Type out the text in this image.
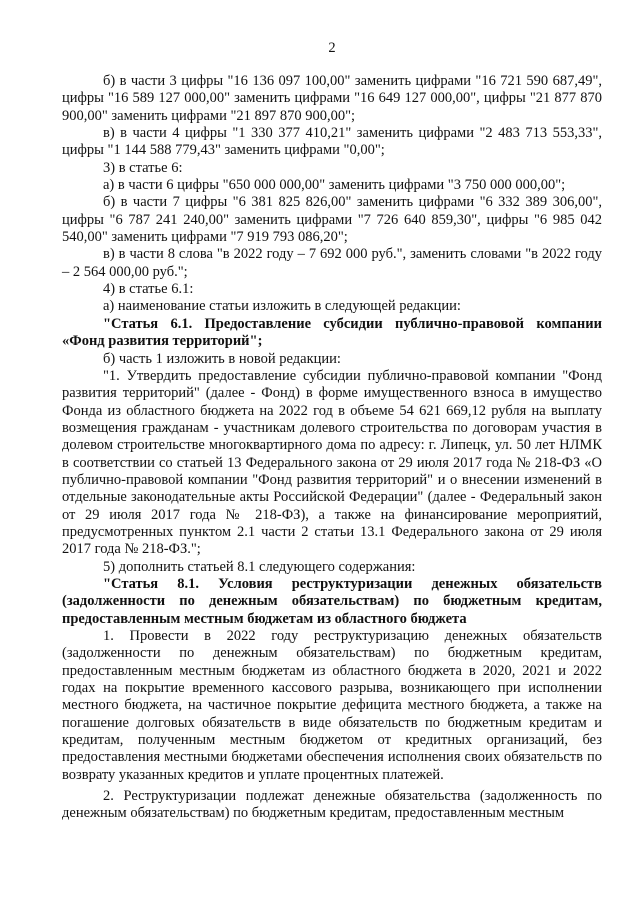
2

б) в части 3 цифры "16 136 097 100,00" заменить цифрами "16 721 590 687,49", цифры "16 589 127 000,00" заменить цифрами "16 649 127 000,00", цифры "21 877 870 900,00" заменить цифрами "21 897 870 900,00";

в) в части 4 цифры "1 330 377 410,21" заменить цифрами "2 483 713 553,33", цифры "1 144 588 779,43" заменить цифрами "0,00";

3) в статье 6:

а) в части 6 цифры "650 000 000,00" заменить цифрами "3 750 000 000,00";

б) в части 7 цифры "6 381 825 826,00" заменить цифрами "6 332 389 306,00", цифры "6 787 241 240,00" заменить цифрами "7 726 640 859,30", цифры "6 985 042 540,00" заменить цифрами "7 919 793 086,20";

в) в части 8 слова "в 2022 году – 7 692 000 руб.", заменить словами "в 2022 году – 2 564 000,00 руб.";

4) в статье 6.1:

а) наименование статьи изложить в следующей редакции:

"Статья 6.1. Предоставление субсидии публично-правовой компании «Фонд развития территорий";

б) часть 1 изложить в новой редакции:

"1. Утвердить предоставление субсидии публично-правовой компании "Фонд развития территорий" (далее - Фонд) в форме имущественного взноса в имущество Фонда из областного бюджета на 2022 год в объеме 54 621 669,12 рубля на выплату возмещения гражданам - участникам долевого строительства по договорам участия в долевом строительстве многоквартирного дома по адресу: г. Липецк, ул. 50 лет НЛМК в соответствии со статьей 13 Федерального закона от 29 июля 2017 года № 218-ФЗ «О публично-правовой компании "Фонд развития территорий" и о внесении изменений в отдельные законодательные акты Российской Федерации" (далее - Федеральный закон от 29 июля 2017 года № 218-ФЗ), а также на финансирование мероприятий, предусмотренных пунктом 2.1 части 2 статьи 13.1 Федерального закона от 29 июля 2017 года № 218-ФЗ.";

5) дополнить статьей 8.1 следующего содержания:

"Статья 8.1. Условия реструктуризации денежных обязательств (задолженности по денежным обязательствам) по бюджетным кредитам, предоставленным местным бюджетам из областного бюджета

1. Провести в 2022 году реструктуризацию денежных обязательств (задолженности по денежным обязательствам) по бюджетным кредитам, предоставленным местным бюджетам из областного бюджета в 2020, 2021 и 2022 годах на покрытие временного кассового разрыва, возникающего при исполнении местного бюджета, на частичное покрытие дефицита местного бюджета, а также на погашение долговых обязательств в виде обязательств по бюджетным кредитам и кредитам, полученным местным бюджетом от кредитных организаций, без предоставления местными бюджетами обеспечения исполнения своих обязательств по возврату указанных кредитов и уплате процентных платежей.

2. Реструктуризации подлежат денежные обязательства (задолженность по денежным обязательствам) по бюджетным кредитам, предоставленным местным
